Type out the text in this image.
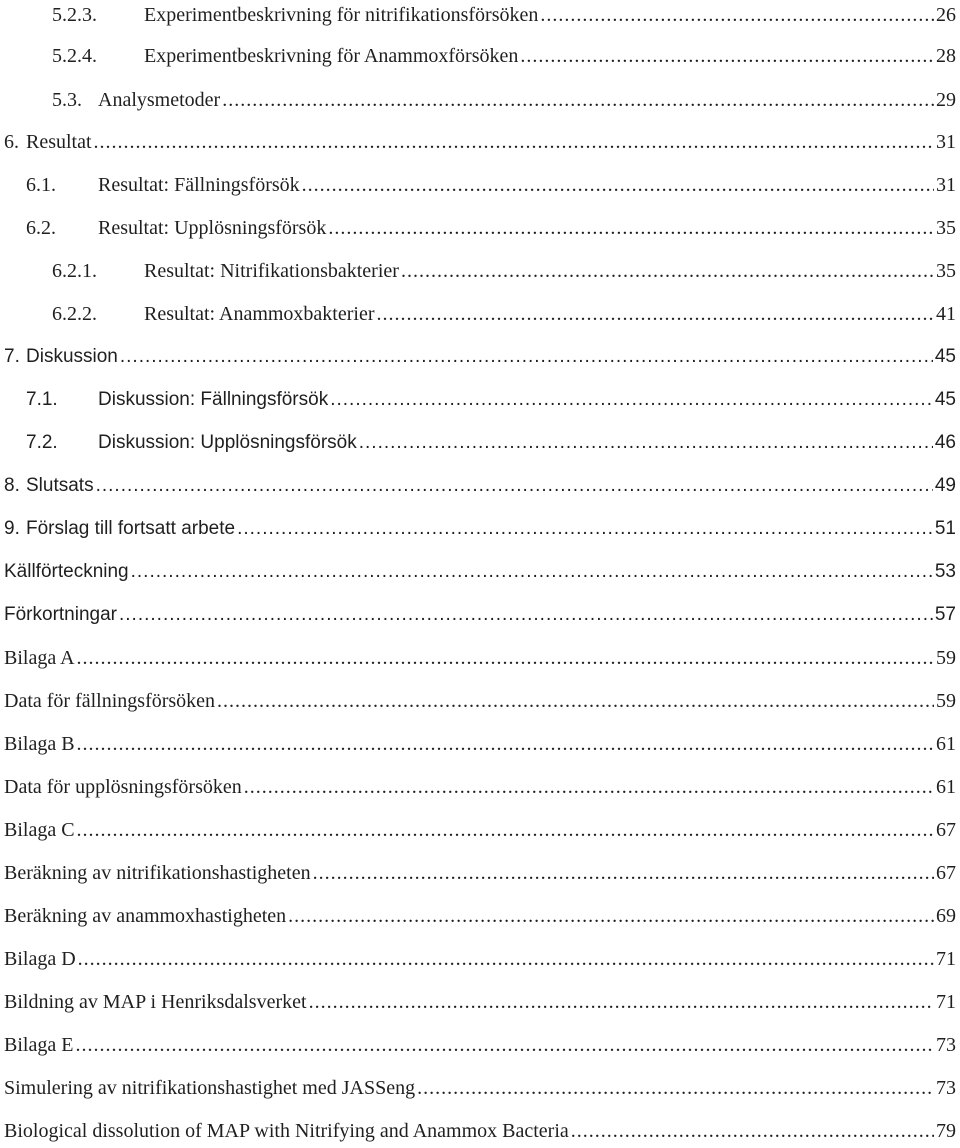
5.2.3. Experimentbeskrivning för nitrifikationsförsöken .....	26
5.2.4. Experimentbeskrivning för Anammoxförsöken .....	28
5.3. Analysmetoder .....	29
6. Resultat .....	31
6.1. Resultat: Fällningsförsök .....	31
6.2. Resultat: Upplösningsförsök .....	35
6.2.1. Resultat: Nitrifikationsbakterier .....	35
6.2.2. Resultat: Anammoxbakterier .....	41
7. Diskussion .....	45
7.1. Diskussion: Fällningsförsök .....	45
7.2. Diskussion: Upplösningsförsök .....	46
8. Slutsats .....	49
9. Förslag till fortsatt arbete .....	51
Källförteckning .....	53
Förkortningar .....	57
Bilaga A .....	59
Data för fällningsförsöken .....	59
Bilaga B .....	61
Data för upplösningsförsöken .....	61
Bilaga C .....	67
Beräkning av nitrifikationshastigheten .....	67
Beräkning av anammoxhastigheten .....	69
Bilaga D .....	71
Bildning av MAP i Henriksdalsverket .....	71
Bilaga E .....	73
Simulering av nitrifikationshastighet med JASSeng .....	73
Biological dissolution of MAP with Nitrifying and Anammox Bacteria .....	79
